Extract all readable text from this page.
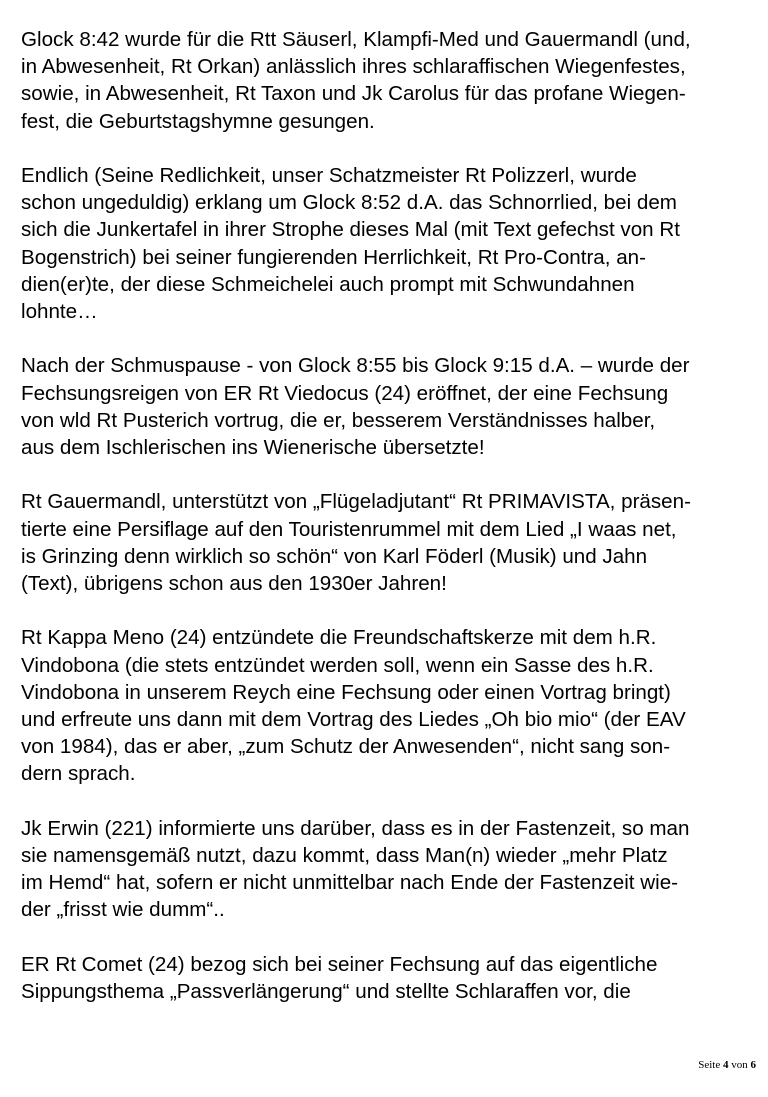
Glock 8:42 wurde für die Rtt Säuserl, Klampfi-Med und Gauermandl (und,
in Abwesenheit, Rt Orkan) anlässlich ihres schlaraffischen Wiegenfestes,
sowie, in Abwesenheit, Rt Taxon und Jk Carolus für das profane Wiegen-
fest, die Geburtstagshymne gesungen.

Endlich (Seine Redlichkeit, unser Schatzmeister Rt Polizzerl, wurde
schon ungeduldig) erklang um Glock 8:52 d.A. das Schnorrlied, bei dem
sich die Junkertafel in ihrer Strophe dieses Mal (mit Text gefechst von Rt
Bogenstrich) bei seiner fungierenden Herrlichkeit, Rt Pro-Contra, an-
dien(er)te, der diese Schmeichelei auch prompt mit Schwundahnen
lohnte…

Nach der Schmuspause - von Glock 8:55 bis Glock 9:15 d.A. – wurde der
Fechsungsreigen von ER Rt Viedocus (24) eröffnet, der eine Fechsung
von wld Rt Pusterich vortrug, die er, besserem Verständnisses halber,
aus dem Ischlerischen ins Wienerische übersetzte!

Rt Gauermandl, unterstützt von „Flügeladjutant“ Rt PRIMAVISTA, präsen-
tierte eine Persiflage auf den Touristenrummel mit dem Lied „I waas net,
is Grinzing denn wirklich so schön“ von Karl Föderl (Musik) und Jahn
(Text), übrigens schon aus den 1930er Jahren!

Rt Kappa Meno (24) entzündete die Freundschaftskerze mit dem h.R.
Vindobona (die stets entzündet werden soll, wenn ein Sasse des h.R.
Vindobona in unserem Reych eine Fechsung oder einen Vortrag bringt)
und erfreute uns dann mit dem Vortrag des Liedes „Oh bio mio“ (der EAV
von 1984), das er aber, „zum Schutz der Anwesenden“, nicht sang son-
dern sprach.

Jk Erwin (221) informierte uns darüber, dass es in der Fastenzeit, so man
sie namensgemäß nutzt, dazu kommt, dass Man(n) wieder „mehr Platz
im Hemd“ hat, sofern er nicht unmittelbar nach Ende der Fastenzeit wie-
der „frisst wie dumm“..

ER Rt Comet (24) bezog sich bei seiner Fechsung auf das eigentliche
Sippungsthema „Passverlängerung“ und stellte Schlaraffen vor, die

Seite 4 von 6
